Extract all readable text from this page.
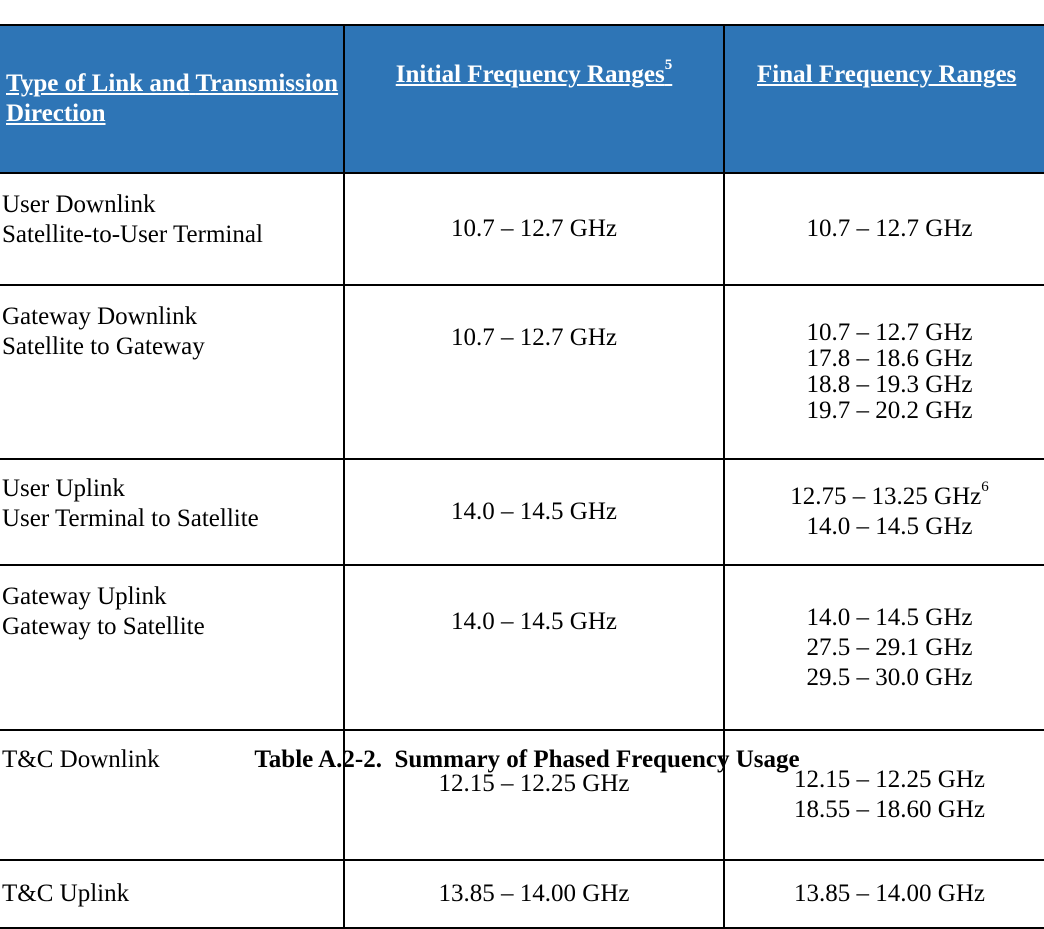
Type of Link and Transmission Direction	Initial Frequency Ranges$^5$	Final Frequency Ranges

User Downlink
Satellite-to-User Terminal	10.7 – 12.7 GHz	10.7 – 12.7 GHz

Gateway Downlink
Satellite to Gateway	10.7 – 12.7 GHz	10.7 – 12.7 GHz
17.8 – 18.6 GHz
18.8 – 19.3 GHz
19.7 – 20.2 GHz

User Uplink
User Terminal to Satellite	14.0 – 14.5 GHz	12.75 – 13.25 GHz$^6$
14.0 – 14.5 GHz

Gateway Uplink
Gateway to Satellite	14.0 – 14.5 GHz	14.0 – 14.5 GHz
27.5 – 29.1 GHz
29.5 – 30.0 GHz

T&C Downlink	12.15 – 12.25 GHz	12.15 – 12.25 GHz
18.55 – 18.60 GHz

T&C Uplink	13.85 – 14.00 GHz	13.85 – 14.00 GHz
Table A.2-2.  Summary of Phased Frequency Usage
